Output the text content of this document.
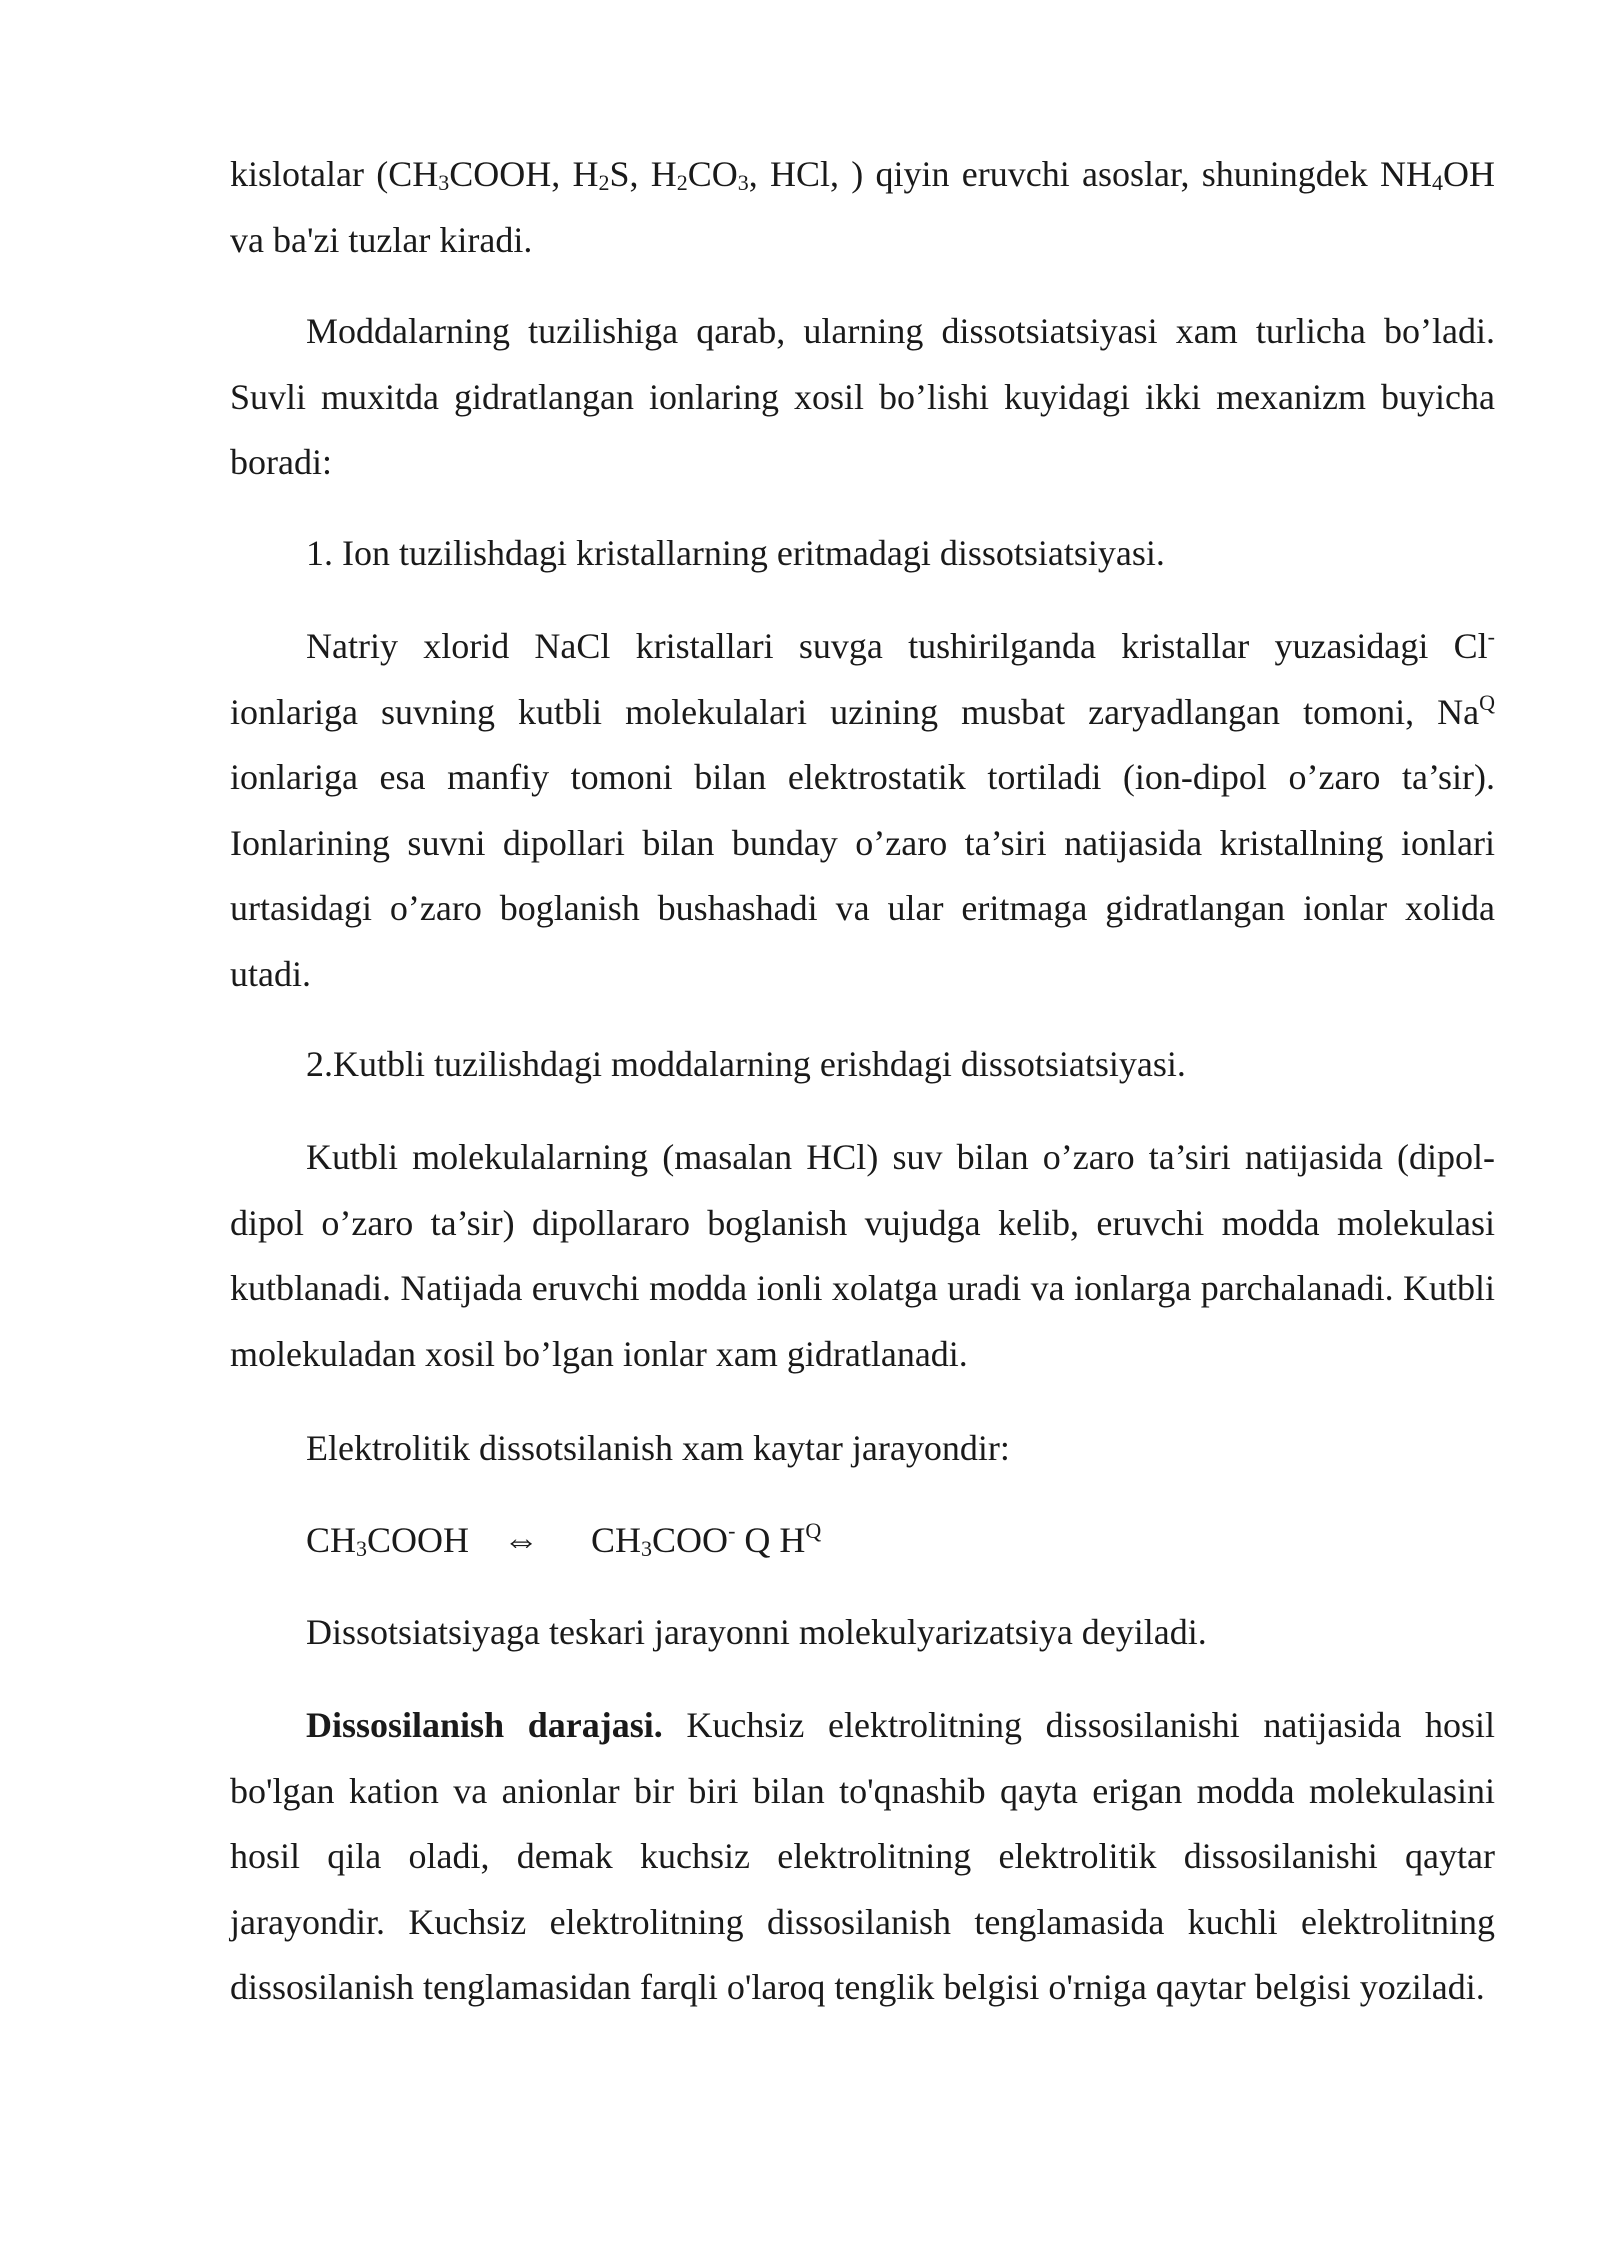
kislotalar ($CH_3COOH$, $H_2S$, $H_2CO_3$, HCl, ) qiyin eruvchi asoslar, shuningdek $NH_4OH$ va ba'zi tuzlar kiradi.

Moddalarning tuzilishiga qarab, ularning dissotsiatsiyasi xam turlicha bo’ladi. Suvli muxitda gidratlangan ionlaring xosil bo’lishi kuyidagi ikki mexanizm buyicha boradi:

1. Ion tuzilishdagi kristallarning eritmadagi dissotsiatsiyasi.

Natriy xlorid NaCl kristallari suvga tushirilganda kristallar yuzasidagi Cl- ionlariga suvning kutbli molekulalari uzining musbat zaryadlangan tomoni, $Na^Q$ ionlariga esa manfiy tomoni bilan elektrostatik tortiladi (ion-dipol o’zaro ta’sir). Ionlarining suvni dipollari bilan bunday o’zaro ta’siri natijasida kristallning ionlari urtasidagi o’zaro boglanish bushashadi va ular eritmaga gidratlangan ionlar xolida utadi.

2.Kutbli tuzilishdagi moddalarning erishdagi dissotsiatsiyasi.

Kutbli molekulalarning (masalan HCl) suv bilan o’zaro ta’siri natijasida (dipol-dipol o’zaro ta’sir) dipollararo boglanish vujudga kelib, eruvchi modda molekulasi kutblanadi. Natijada eruvchi modda ionli xolatga uradi va ionlarga parchalanadi. Kutbli molekuladan xosil bo’lgan ionlar xam gidratlanadi.

Elektrolitik dissotsilanish xam kaytar jarayondir:

$CH_3COOH$ ⇔ $CH_3COO^-$ Q $H^Q$

Dissotsiatsiyaga teskari jarayonni molekulyarizatsiya deyiladi.

Dissosilanish darajasi. Kuchsiz elektrolitning dissosilanishi natijasida hosil bo'lgan kation va anionlar bir biri bilan to'qnashib qayta erigan modda molekulasini hosil qila oladi, demak kuchsiz elektrolitning elektrolitik dissosilanishi qaytar jarayondir. Kuchsiz elektrolitning dissosilanish tenglamasida kuchli elektrolitning dissosilanish tenglamasidan farqli o'laroq tenglik belgisi o'rniga qaytar belgisi yoziladi.
